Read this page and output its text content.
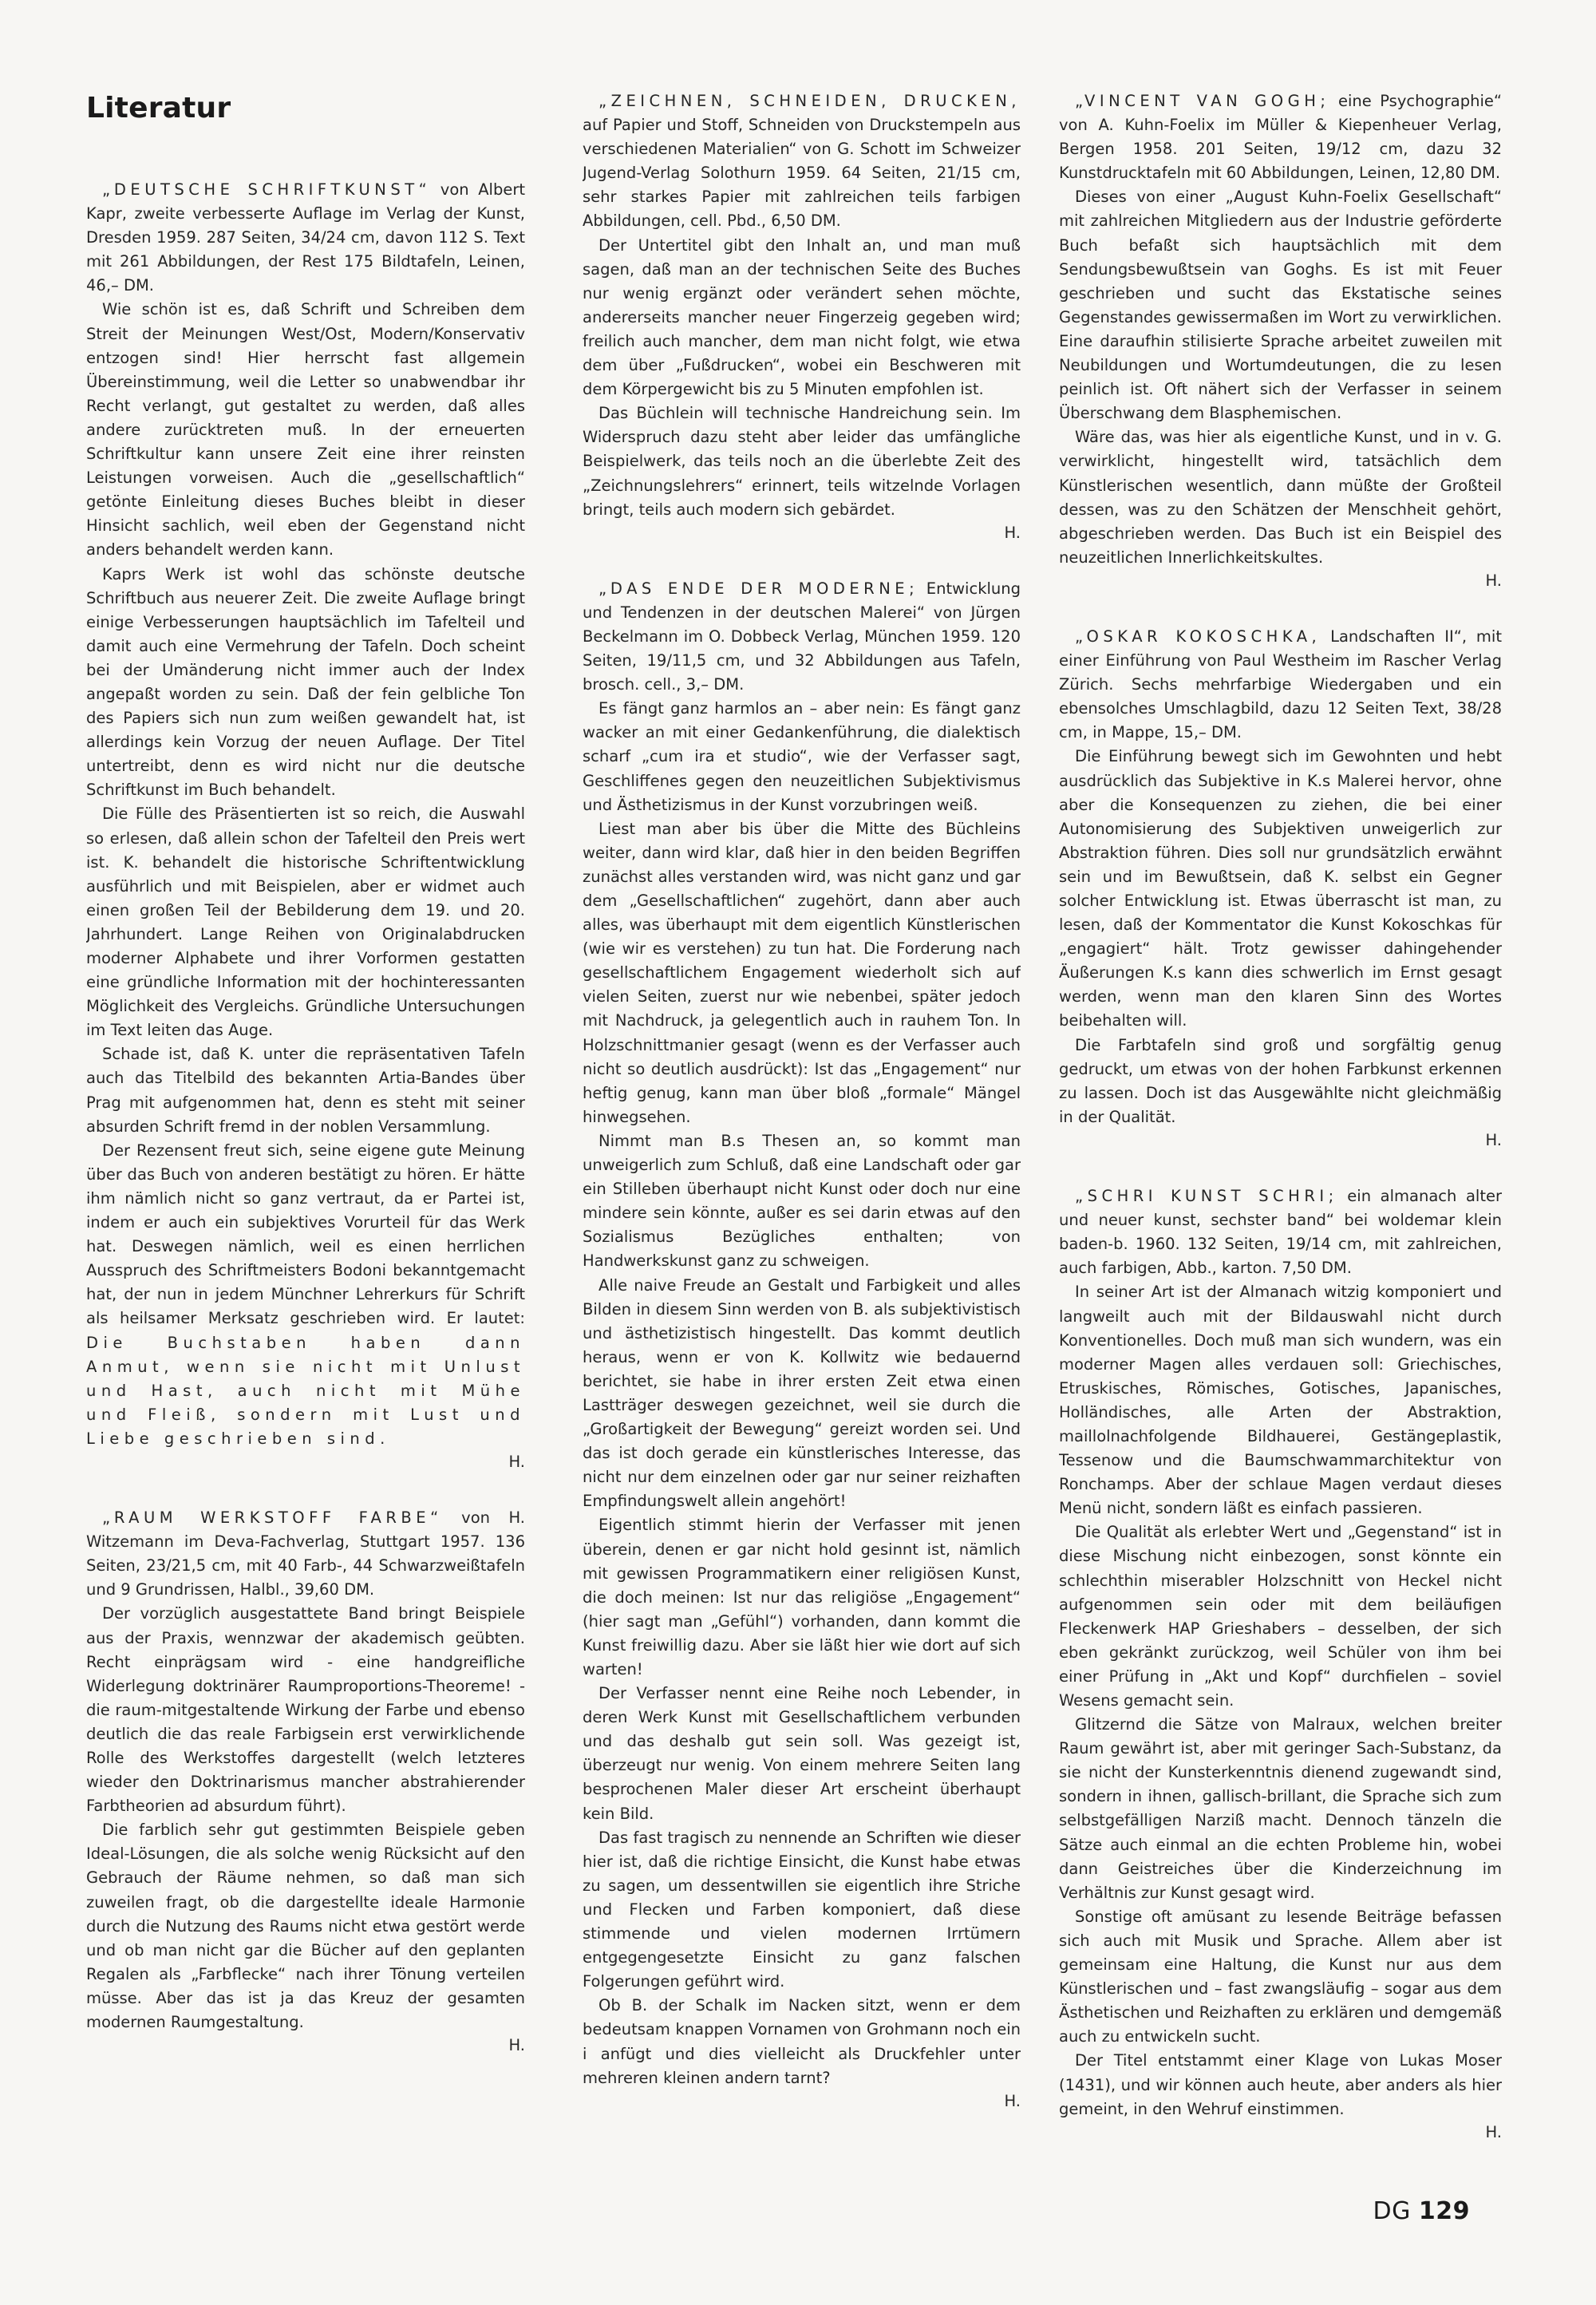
Literatur

„DEUTSCHE SCHRIFTKUNST“ von Albert Kapr, zweite verbesserte Auflage im Verlag der Kunst, Dresden 1959. 287 Seiten, 34/24 cm, davon 112 S. Text mit 261 Abbildungen, der Rest 175 Bildtafeln, Leinen, 46,– DM.

Wie schön ist es, daß Schrift und Schreiben dem Streit der Meinungen West/Ost, Modern/Konservativ entzogen sind! Hier herrscht fast allgemein Übereinstimmung, weil die Letter so unabwendbar ihr Recht verlangt, gut gestaltet zu werden, daß alles andere zurücktreten muß. In der erneuerten Schriftkultur kann unsere Zeit eine ihrer reinsten Leistungen vorweisen. Auch die „gesellschaftlich“ getönte Einleitung dieses Buches bleibt in dieser Hinsicht sachlich, weil eben der Gegenstand nicht anders behandelt werden kann.

Kaprs Werk ist wohl das schönste deutsche Schriftbuch aus neuerer Zeit. Die zweite Auflage bringt einige Verbesserungen hauptsächlich im Tafelteil und damit auch eine Vermehrung der Tafeln. Doch scheint bei der Umänderung nicht immer auch der Index angepaßt worden zu sein. Daß der fein gelbliche Ton des Papiers sich nun zum weißen gewandelt hat, ist allerdings kein Vorzug der neuen Auflage. Der Titel untertreibt, denn es wird nicht nur die deutsche Schriftkunst im Buch behandelt.

Die Fülle des Präsentierten ist so reich, die Auswahl so erlesen, daß allein schon der Tafelteil den Preis wert ist. K. behandelt die historische Schriftentwicklung ausführlich und mit Beispielen, aber er widmet auch einen großen Teil der Bebilderung dem 19. und 20. Jahrhundert. Lange Reihen von Originalabdrucken moderner Alphabete und ihrer Vorformen gestatten eine gründliche Information mit der hochinteressanten Möglichkeit des Vergleichs. Gründliche Untersuchungen im Text leiten das Auge.

Schade ist, daß K. unter die repräsentativen Tafeln auch das Titelbild des bekannten Artia-Bandes über Prag mit aufgenommen hat, denn es steht mit seiner absurden Schrift fremd in der noblen Versammlung.

Der Rezensent freut sich, seine eigene gute Meinung über das Buch von anderen bestätigt zu hören. Er hätte ihm nämlich nicht so ganz vertraut, da er Partei ist, indem er auch ein subjektives Vorurteil für das Werk hat. Deswegen nämlich, weil es einen herrlichen Ausspruch des Schriftmeisters Bodoni bekanntgemacht hat, der nun in jedem Münchner Lehrerkurs für Schrift als heilsamer Merksatz geschrieben wird. Er lautet: Die Buchstaben haben dann Anmut, wenn sie nicht mit Unlust und Hast, auch nicht mit Mühe und Fleiß, sondern mit Lust und Liebe geschrieben sind.

H.

„RAUM WERKSTOFF FARBE“ von H. Witzemann im Deva-Fachverlag, Stuttgart 1957. 136 Seiten, 23/21,5 cm, mit 40 Farb-, 44 Schwarzweißtafeln und 9 Grundrissen, Halbl., 39,60 DM.

Der vorzüglich ausgestattete Band bringt Beispiele aus der Praxis, wennzwar der akademisch geübten. Recht einprägsam wird - eine handgreifliche Widerlegung doktrinärer Raumproportions-Theoreme! - die raum-mitgestaltende Wirkung der Farbe und ebenso deutlich die das reale Farbigsein erst verwirklichende Rolle des Werkstoffes dargestellt (welch letzteres wieder den Doktrinarismus mancher abstrahierender Farbtheorien ad absurdum führt).

Die farblich sehr gut gestimmten Beispiele geben Ideal-Lösungen, die als solche wenig Rücksicht auf den Gebrauch der Räume nehmen, so daß man sich zuweilen fragt, ob die dargestellte ideale Harmonie durch die Nutzung des Raums nicht etwa gestört werde und ob man nicht gar die Bücher auf den geplanten Regalen als „Farbflecke“ nach ihrer Tönung verteilen müsse. Aber das ist ja das Kreuz der gesamten modernen Raumgestaltung.

H.

„ZEICHNEN, SCHNEIDEN, DRUCKEN, auf Papier und Stoff, Schneiden von Druckstempeln aus verschiedenen Materialien“ von G. Schott im Schweizer Jugend-Verlag Solothurn 1959. 64 Seiten, 21/15 cm, sehr starkes Papier mit zahlreichen teils farbigen Abbildungen, cell. Pbd., 6,50 DM.

Der Untertitel gibt den Inhalt an, und man muß sagen, daß man an der technischen Seite des Buches nur wenig ergänzt oder verändert sehen möchte, andererseits mancher neuer Fingerzeig gegeben wird; freilich auch mancher, dem man nicht folgt, wie etwa dem über „Fußdrucken“, wobei ein Beschweren mit dem Körpergewicht bis zu 5 Minuten empfohlen ist.

Das Büchlein will technische Handreichung sein. Im Widerspruch dazu steht aber leider das umfängliche Beispielwerk, das teils noch an die überlebte Zeit des „Zeichnungslehrers“ erinnert, teils witzelnde Vorlagen bringt, teils auch modern sich gebärdet.

H.

„DAS ENDE DER MODERNE; Entwicklung und Tendenzen in der deutschen Malerei“ von Jürgen Beckelmann im O. Dobbeck Verlag, München 1959. 120 Seiten, 19/11,5 cm, und 32 Abbildungen aus Tafeln, brosch. cell., 3,– DM.

Es fängt ganz harmlos an – aber nein: Es fängt ganz wacker an mit einer Gedankenführung, die dialektisch scharf „cum ira et studio“, wie der Verfasser sagt, Geschliffenes gegen den neuzeitlichen Subjektivismus und Ästhetizismus in der Kunst vorzubringen weiß.

Liest man aber bis über die Mitte des Büchleins weiter, dann wird klar, daß hier in den beiden Begriffen zunächst alles verstanden wird, was nicht ganz und gar dem „Gesellschaftlichen“ zugehört, dann aber auch alles, was überhaupt mit dem eigentlich Künstlerischen (wie wir es verstehen) zu tun hat. Die Forderung nach gesellschaftlichem Engagement wiederholt sich auf vielen Seiten, zuerst nur wie nebenbei, später jedoch mit Nachdruck, ja gelegentlich auch in rauhem Ton. In Holzschnittmanier gesagt (wenn es der Verfasser auch nicht so deutlich ausdrückt): Ist das „Engagement“ nur heftig genug, kann man über bloß „formale“ Mängel hinwegsehen.

Nimmt man B.s Thesen an, so kommt man unweigerlich zum Schluß, daß eine Landschaft oder gar ein Stilleben überhaupt nicht Kunst oder doch nur eine mindere sein könnte, außer es sei darin etwas auf den Sozialismus Bezügliches enthalten; von Handwerkskunst ganz zu schweigen.

Alle naive Freude an Gestalt und Farbigkeit und alles Bilden in diesem Sinn werden von B. als subjektivistisch und ästhetizistisch hingestellt. Das kommt deutlich heraus, wenn er von K. Kollwitz wie bedauernd berichtet, sie habe in ihrer ersten Zeit etwa einen Lastträger deswegen gezeichnet, weil sie durch die „Großartigkeit der Bewegung“ gereizt worden sei. Und das ist doch gerade ein künstlerisches Interesse, das nicht nur dem einzelnen oder gar nur seiner reizhaften Empfindungswelt allein angehört!

Eigentlich stimmt hierin der Verfasser mit jenen überein, denen er gar nicht hold gesinnt ist, nämlich mit gewissen Programmatikern einer religiösen Kunst, die doch meinen: Ist nur das religiöse „Engagement“ (hier sagt man „Gefühl“) vorhanden, dann kommt die Kunst freiwillig dazu. Aber sie läßt hier wie dort auf sich warten!

Der Verfasser nennt eine Reihe noch Lebender, in deren Werk Kunst mit Gesellschaftlichem verbunden und das deshalb gut sein soll. Was gezeigt ist, überzeugt nur wenig. Von einem mehrere Seiten lang besprochenen Maler dieser Art erscheint überhaupt kein Bild.

Das fast tragisch zu nennende an Schriften wie dieser hier ist, daß die richtige Einsicht, die Kunst habe etwas zu sagen, um dessentwillen sie eigentlich ihre Striche und Flecken und Farben komponiert, daß diese stimmende und vielen modernen Irrtümern entgegengesetzte Einsicht zu ganz falschen Folgerungen geführt wird.

Ob B. der Schalk im Nacken sitzt, wenn er dem bedeutsam knappen Vornamen von Grohmann noch ein i anfügt und dies vielleicht als Druckfehler unter mehreren kleinen andern tarnt?

H.

„VINCENT VAN GOGH; eine Psychographie“ von A. Kuhn-Foelix im Müller & Kiepenheuer Verlag, Bergen 1958. 201 Seiten, 19/12 cm, dazu 32 Kunstdrucktafeln mit 60 Abbildungen, Leinen, 12,80 DM.

Dieses von einer „August Kuhn-Foelix Gesellschaft“ mit zahlreichen Mitgliedern aus der Industrie geförderte Buch befaßt sich hauptsächlich mit dem Sendungsbewußtsein van Goghs. Es ist mit Feuer geschrieben und sucht das Ekstatische seines Gegenstandes gewissermaßen im Wort zu verwirklichen. Eine daraufhin stilisierte Sprache arbeitet zuweilen mit Neubildungen und Wortumdeutungen, die zu lesen peinlich ist. Oft nähert sich der Verfasser in seinem Überschwang dem Blasphemischen.

Wäre das, was hier als eigentliche Kunst, und in v. G. verwirklicht, hingestellt wird, tatsächlich dem Künstlerischen wesentlich, dann müßte der Großteil dessen, was zu den Schätzen der Menschheit gehört, abgeschrieben werden. Das Buch ist ein Beispiel des neuzeitlichen Innerlichkeitskultes.

H.

„OSKAR KOKOSCHKA, Landschaften II“, mit einer Einführung von Paul Westheim im Rascher Verlag Zürich. Sechs mehrfarbige Wiedergaben und ein ebensolches Umschlagbild, dazu 12 Seiten Text, 38/28 cm, in Mappe, 15,– DM.

Die Einführung bewegt sich im Gewohnten und hebt ausdrücklich das Subjektive in K.s Malerei hervor, ohne aber die Konsequenzen zu ziehen, die bei einer Autonomisierung des Subjektiven unweigerlich zur Abstraktion führen. Dies soll nur grundsätzlich erwähnt sein und im Bewußtsein, daß K. selbst ein Gegner solcher Entwicklung ist. Etwas überrascht ist man, zu lesen, daß der Kommentator die Kunst Kokoschkas für „engagiert“ hält. Trotz gewisser dahingehender Äußerungen K.s kann dies schwerlich im Ernst gesagt werden, wenn man den klaren Sinn des Wortes beibehalten will.

Die Farbtafeln sind groß und sorgfältig genug gedruckt, um etwas von der hohen Farbkunst erkennen zu lassen. Doch ist das Ausgewählte nicht gleichmäßig in der Qualität.

H.

„SCHRI KUNST SCHRI; ein almanach alter und neuer kunst, sechster band“ bei woldemar klein baden-b. 1960. 132 Seiten, 19/14 cm, mit zahlreichen, auch farbigen, Abb., karton. 7,50 DM.

In seiner Art ist der Almanach witzig komponiert und langweilt auch mit der Bildauswahl nicht durch Konventionelles. Doch muß man sich wundern, was ein moderner Magen alles verdauen soll: Griechisches, Etruskisches, Römisches, Gotisches, Japanisches, Holländisches, alle Arten der Abstraktion, maillolnachfolgende Bildhauerei, Gestängeplastik, Tessenow und die Baumschwammarchitektur von Ronchamps. Aber der schlaue Magen verdaut dieses Menü nicht, sondern läßt es einfach passieren.

Die Qualität als erlebter Wert und „Gegenstand“ ist in diese Mischung nicht einbezogen, sonst könnte ein schlechthin miserabler Holzschnitt von Heckel nicht aufgenommen sein oder mit dem beiläufigen Fleckenwerk HAP Grieshabers – desselben, der sich eben gekränkt zurückzog, weil Schüler von ihm bei einer Prüfung in „Akt und Kopf“ durchfielen – soviel Wesens gemacht sein.

Glitzernd die Sätze von Malraux, welchen breiter Raum gewährt ist, aber mit geringer Sach-Substanz, da sie nicht der Kunsterkenntnis dienend zugewandt sind, sondern in ihnen, gallisch-brillant, die Sprache sich zum selbstgefälligen Narziß macht. Dennoch tänzeln die Sätze auch einmal an die echten Probleme hin, wobei dann Geistreiches über die Kinderzeichnung im Verhältnis zur Kunst gesagt wird.

Sonstige oft amüsant zu lesende Beiträge befassen sich auch mit Musik und Sprache. Allem aber ist gemeinsam eine Haltung, die Kunst nur aus dem Künstlerischen und – fast zwangsläufig – sogar aus dem Ästhetischen und Reizhaften zu erklären und demgemäß auch zu entwickeln sucht.

Der Titel entstammt einer Klage von Lukas Moser (1431), und wir können auch heute, aber anders als hier gemeint, in den Wehruf einstimmen.

H.
DG 129
